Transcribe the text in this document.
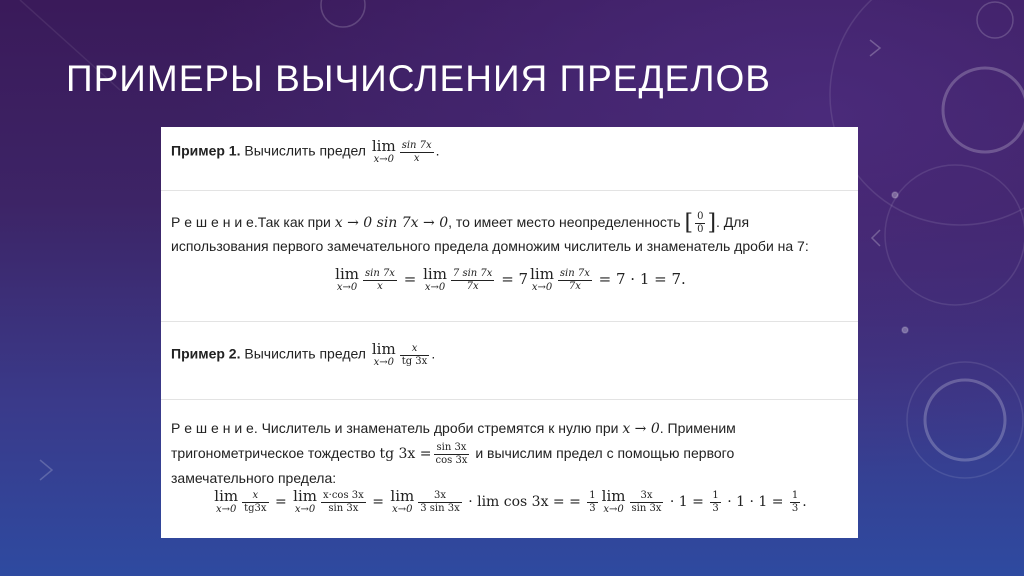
ПРИМЕРЫ ВЫЧИСЛЕНИЯ ПРЕДЕЛОВ
Пример 1. Вычислить предел lim
$x\to 0 \frac{\sin 7x}{x}$ .
Р е ш е н и е.Так как при x → 0 sin 7x → 0, то имеет место неопределенность [ $\frac{0}{0}$ ]. Для
использования первого замечательного предела домножим числитель и знаменатель дроби на 7:
lim
$x\to 0 \frac{\sin 7x}{x} = \lim$
$x\to 0 \frac{7 \sin 7x}{7x} = 7$ lim
$x\to 0 \frac{\sin 7x}{7x} = 7 \cdot 1 = 7$.
Пример 2. Вычислить предел lim
$x\to 0 \frac{x}{tg 3x}$ .
Р е ш е н и е. Числитель и знаменатель дроби стремятся к нулю при x → 0. Применим
тригонометрическое тождество tg $3x = \frac{\sin 3x}{\cos 3x}$ и вычислим предел с помощью первого
замечательного предела:
lim
$x\to 0 \frac{x}{tg3x} = \lim$
$x\to 0 \frac{x\cdot\cos 3x}{\sin 3x} = \lim$
$x\to 0 \frac{3x}{3 \sin 3x} \cdot \lim \cos 3x$ = = $\frac{1}{3}$ lim
$x\to 0 \frac{3x}{\sin 3x} \cdot 1 = \frac{1}{3} \cdot 1 \cdot 1 = \frac{1}{3}$ .
